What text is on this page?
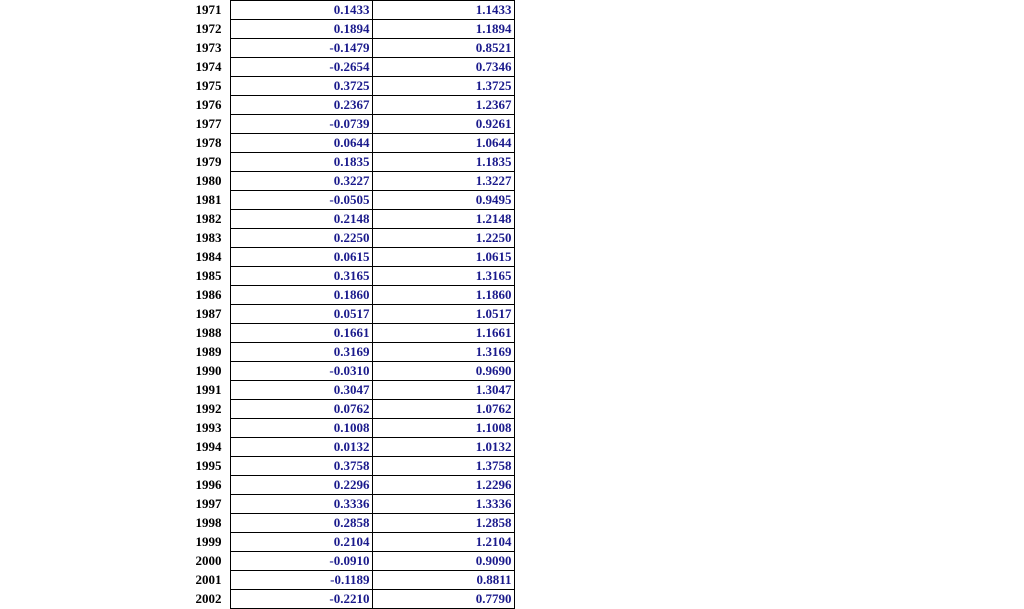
1971	0.1433	1.1433
1972	0.1894	1.1894
1973	-0.1479	0.8521
1974	-0.2654	0.7346
1975	0.3725	1.3725
1976	0.2367	1.2367
1977	-0.0739	0.9261
1978	0.0644	1.0644
1979	0.1835	1.1835
1980	0.3227	1.3227
1981	-0.0505	0.9495
1982	0.2148	1.2148
1983	0.2250	1.2250
1984	0.0615	1.0615
1985	0.3165	1.3165
1986	0.1860	1.1860
1987	0.0517	1.0517
1988	0.1661	1.1661
1989	0.3169	1.3169
1990	-0.0310	0.9690
1991	0.3047	1.3047
1992	0.0762	1.0762
1993	0.1008	1.1008
1994	0.0132	1.0132
1995	0.3758	1.3758
1996	0.2296	1.2296
1997	0.3336	1.3336
1998	0.2858	1.2858
1999	0.2104	1.2104
2000	-0.0910	0.9090
2001	-0.1189	0.8811
2002	-0.2210	0.7790
